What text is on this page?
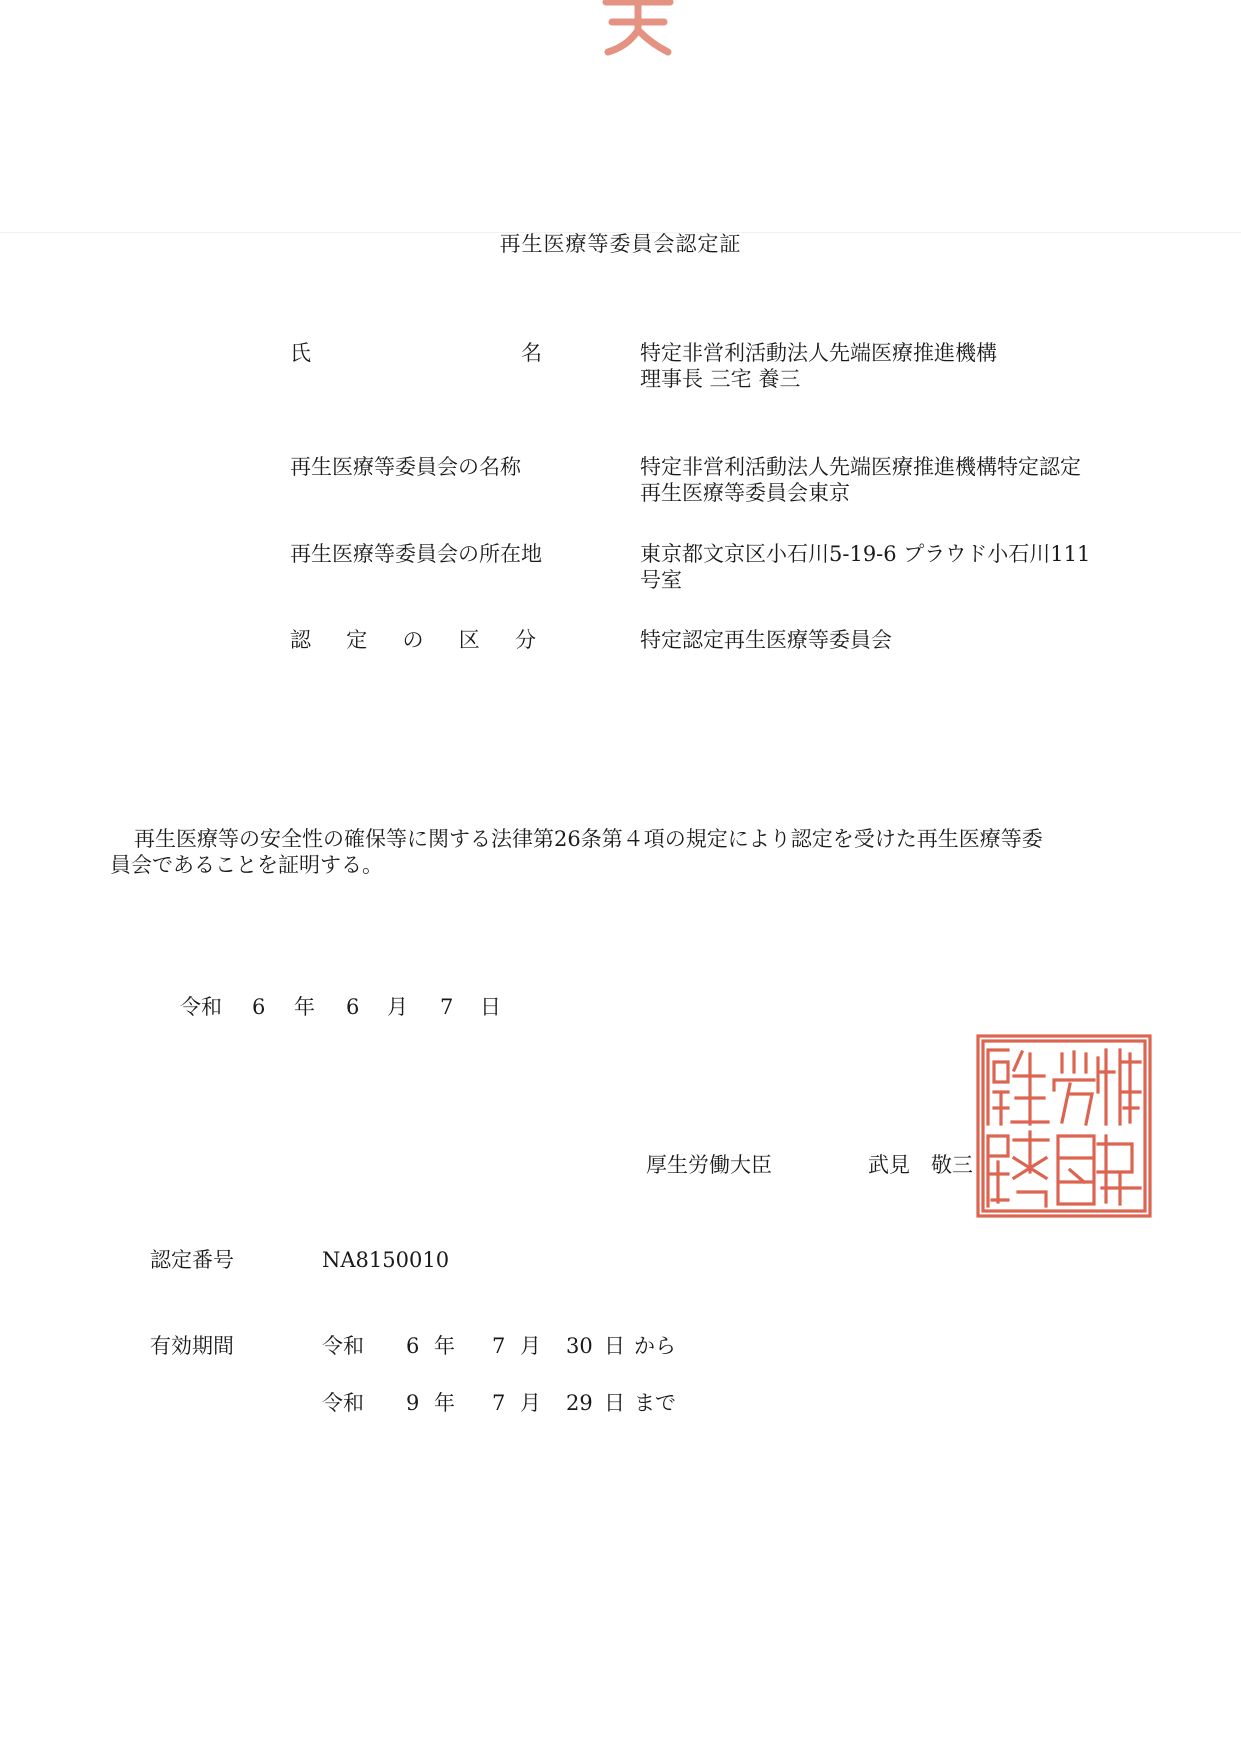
再生医療等委員会認定証
氏	名	特定非営利活動法人先端医療推進機構
理事長 三宅 養三
再生医療等委員会の名称	特定非営利活動法人先端医療推進機構特定認定
再生医療等委員会東京
再生医療等委員会の所在地	東京都文京区小石川5-19-6 プラウド小石川111
号室
認 定 の 区 分	特定認定再生医療等委員会

再生医療等の安全性の確保等に関する法律第26条第４項の規定により認定を受けた再生医療等委

員会であることを証明する。
令和 6 年 6 月 7 日
厚生労働大臣	武見　敬三
認定番号	NA8150010
有効期間	令和 6 年 7 月 30 日 から
令和 9 年 7 月 29 日 まで
